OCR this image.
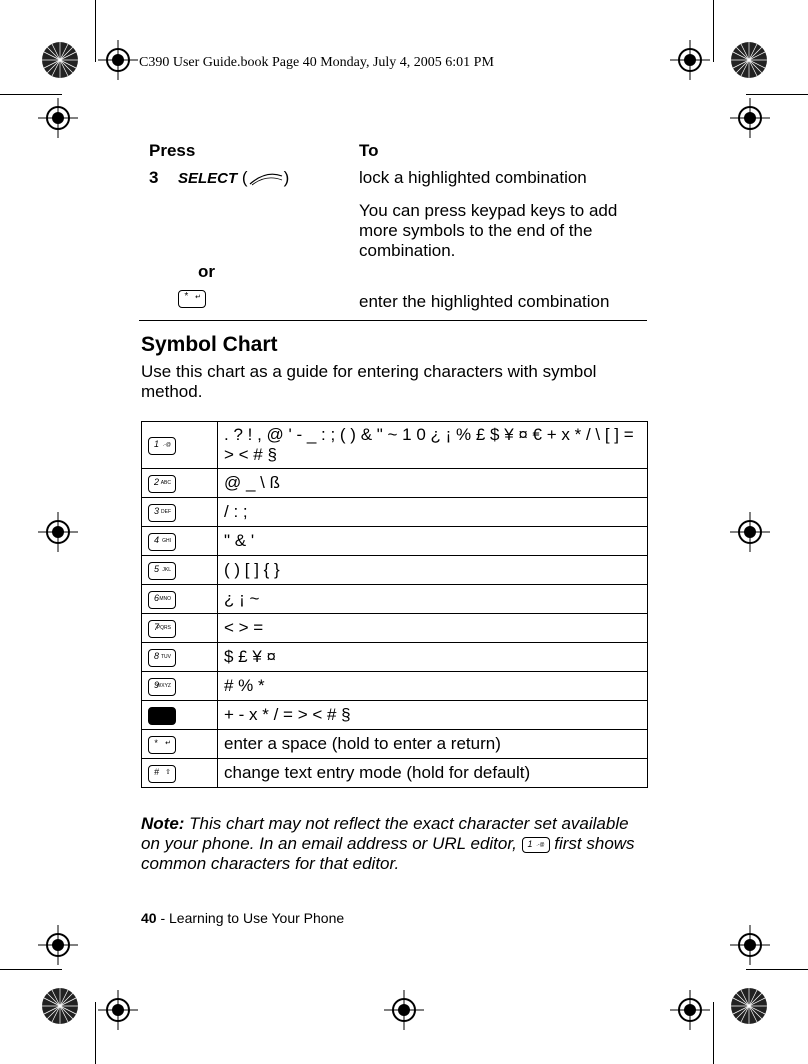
C390 User Guide.book Page 40 Monday, July 4, 2005 6:01 PM
Press	To
3 SELECT ( )	lock a highlighted combination
You can press keypad keys to add more symbols to the end of the combination.
or
* ↵	enter the highlighted combination
Symbol Chart

Use this chart as a guide for entering characters with symbol method.

1 .-@	. ? ! , @ ' - _ : ; ( ) & " ~ 1 0 ¿ ¡ % £ $ ¥ ¤ € + x * / \ [ ] = > < # §

2 ABC	@ _ \ ß

3 DEF	/ : ;

4 GHI	" & '

5 JKL	( ) [ ] { }

6 MNO	¿ ¡ ~

7
PQRS	< > =

8 TUV	$ £ ¥ ¤

9
WXYZ	# % *
	+ - x * / = > < # §

* ↵	enter a space (hold to enter a return)

# ⇧	change text entry mode (hold for default)

Note: This chart may not reflect the exact character set available on your phone. In an email address or URL editor, 1 .-@ first shows common characters for that editor.

40 - Learning to Use Your Phone
